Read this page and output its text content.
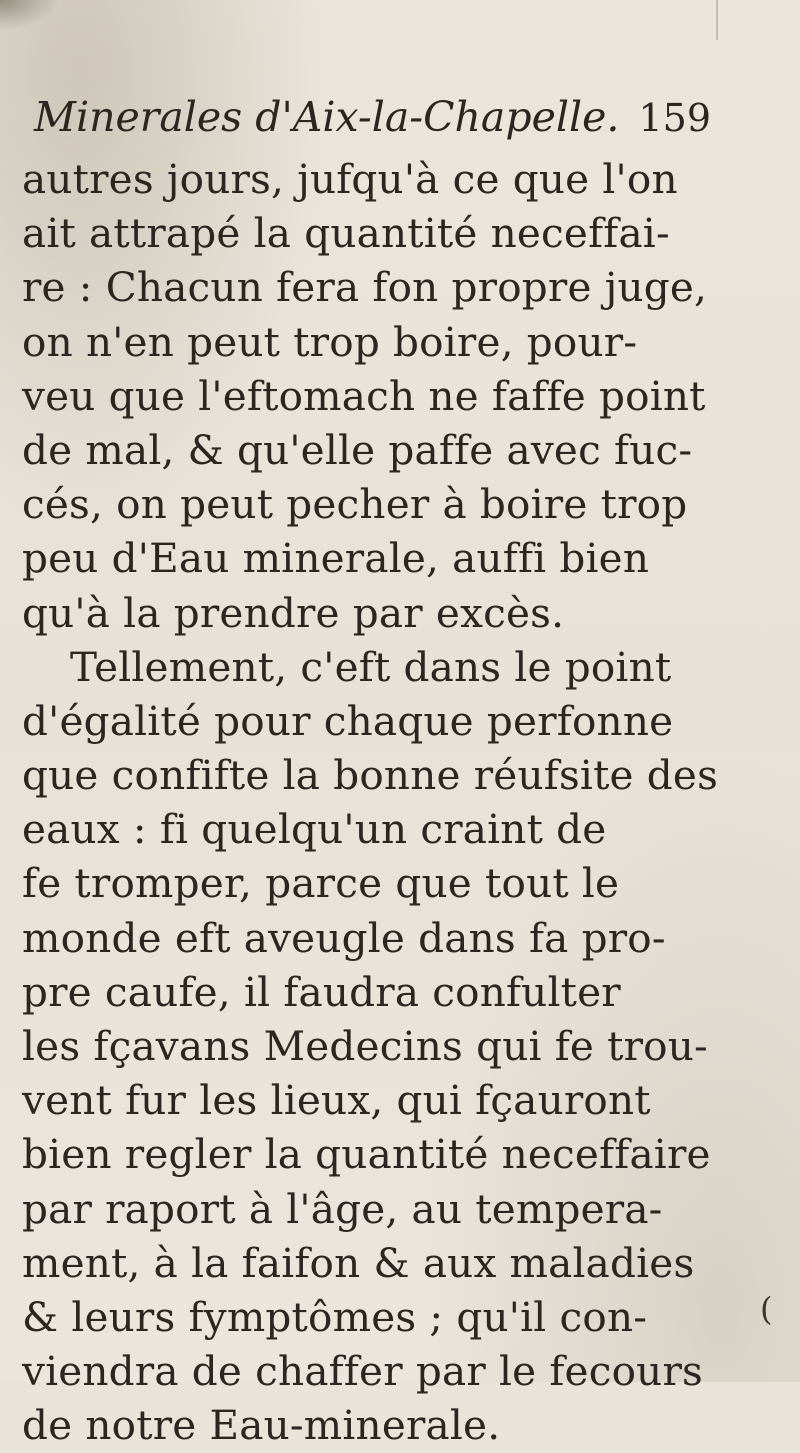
Minerales d'Aix-la-Chapelle. 159
autres jours, jufqu'à ce que l'on
ait attrapé la quantité neceffai-
re : Chacun fera fon propre juge,
on n'en peut trop boire, pour-
veu que l'eftomach ne faffe point
de mal, & qu'elle paffe avec fuc-
cés, on peut pecher à boire trop
peu d'Eau minerale, auffi bien
qu'à la prendre par excès.
Tellement, c'eft dans le point
d'égalité pour chaque perfonne
que confifte la bonne réufsite des
eaux : fi quelqu'un craint de
fe tromper, parce que tout le
monde eft aveugle dans fa pro-
pre caufe, il faudra confulter
les fçavans Medecins qui fe trou-
vent fur les lieux, qui fçauront
bien regler la quantité neceffaire
par raport à l'âge, au tempera-
ment, à la faifon & aux maladies
& leurs fymptômes ; qu'il con-
viendra de chaffer par le fecours
de notre Eau-minerale.
(
